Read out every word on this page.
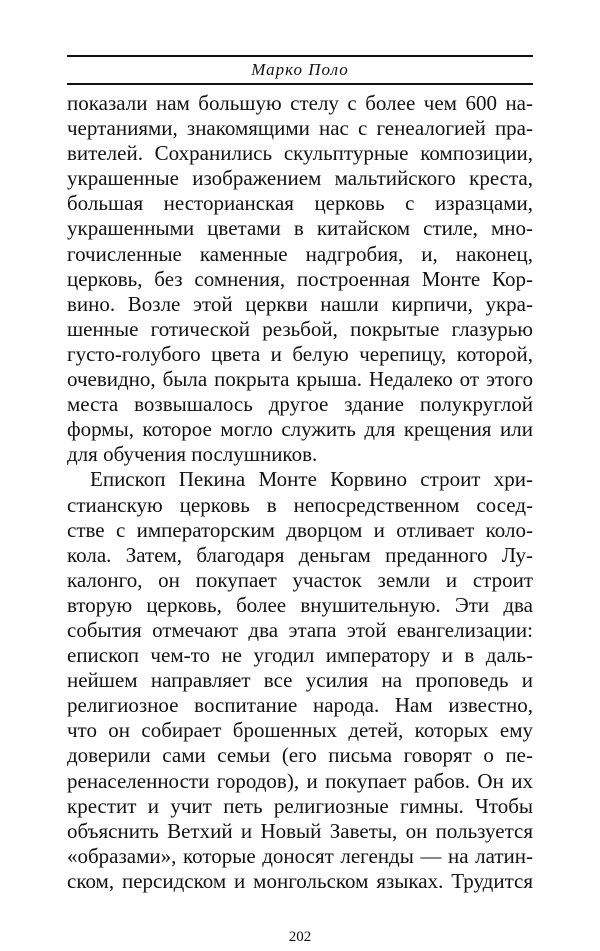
Марко Поло
показали нам большую стелу с более чем 600 на-
чертаниями, знакомящими нас с генеалогией пра-
вителей. Сохранились скульптурные композиции,
украшенные изображением мальтийского креста,
большая несторианская церковь с изразцами,
украшенными цветами в китайском стиле, мно-
гочисленные каменные надгробия, и, наконец,
церковь, без сомнения, построенная Монте Кор-
вино. Возле этой церкви нашли кирпичи, укра-
шенные готической резьбой, покрытые глазурью
густо-голубого цвета и белую черепицу, которой,
очевидно, была покрыта крыша. Недалеко от этого
места возвышалось другое здание полукруглой
формы, которое могло служить для крещения или
для обучения послушников.
Епископ Пекина Монте Корвино строит хри-
стианскую церковь в непосредственном сосед-
стве с императорским дворцом и отливает коло-
кола. Затем, благодаря деньгам преданного Лу-
калонго, он покупает участок земли и строит
вторую церковь, более внушительную. Эти два
события отмечают два этапа этой евангелизации:
епископ чем-то не угодил императору и в даль-
нейшем направляет все усилия на проповедь и
религиозное воспитание народа. Нам известно,
что он собирает брошенных детей, которых ему
доверили сами семьи (его письма говорят о пе-
ренаселенности городов), и покупает рабов. Он их
крестит и учит петь религиозные гимны. Чтобы
объяснить Ветхий и Новый Заветы, он пользуется
«образами», которые доносят легенды — на латин-
ском, персидском и монгольском языках. Трудится
202
